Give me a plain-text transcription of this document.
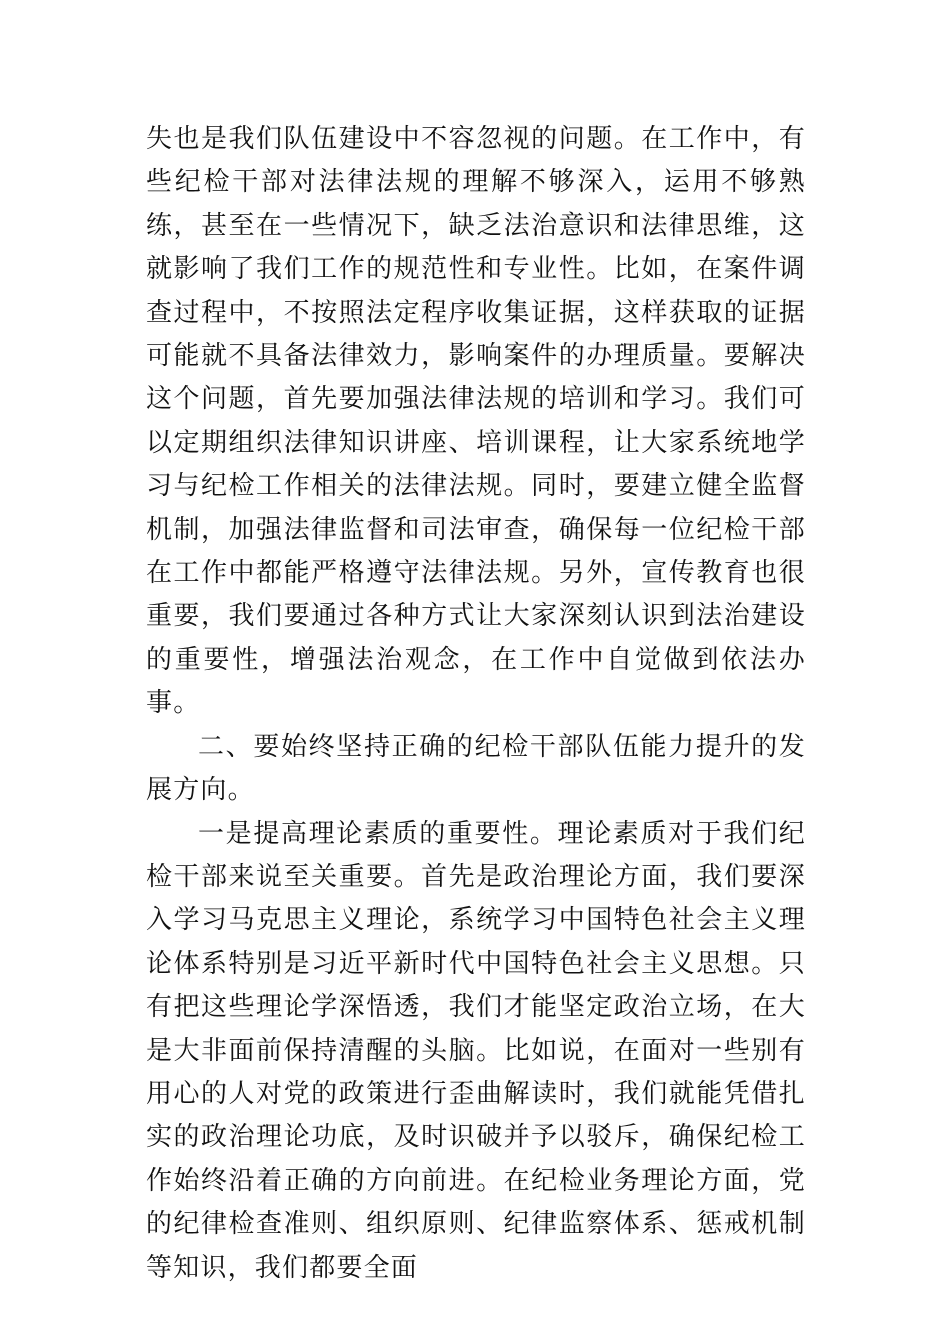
失也是我们队伍建设中不容忽视的问题。在工作中，有些纪检干部对法律法规的理解不够深入，运用不够熟练，甚至在一些情况下，缺乏法治意识和法律思维，这就影响了我们工作的规范性和专业性。比如，在案件调查过程中，不按照法定程序收集证据，这样获取的证据可能就不具备法律效力，影响案件的办理质量。要解决这个问题，首先要加强法律法规的培训和学习。我们可以定期组织法律知识讲座、培训课程，让大家系统地学习与纪检工作相关的法律法规。同时，要建立健全监督机制，加强法律监督和司法审查，确保每一位纪检干部在工作中都能严格遵守法律法规。另外，宣传教育也很重要，我们要通过各种方式让大家深刻认识到法治建设的重要性，增强法治观念，在工作中自觉做到依法办事。

二、要始终坚持正确的纪检干部队伍能力提升的发展方向。

一是提高理论素质的重要性。理论素质对于我们纪检干部来说至关重要。首先是政治理论方面，我们要深入学习马克思主义理论，系统学习中国特色社会主义理论体系特别是习近平新时代中国特色社会主义思想。只有把这些理论学深悟透，我们才能坚定政治立场，在大是大非面前保持清醒的头脑。比如说，在面对一些别有用心的人对党的政策进行歪曲解读时，我们就能凭借扎实的政治理论功底，及时识破并予以驳斥，确保纪检工作始终沿着正确的方向前进。在纪检业务理论方面，党的纪律检查准则、组织原则、纪律监察体系、惩戒机制等知识，我们都要全面
